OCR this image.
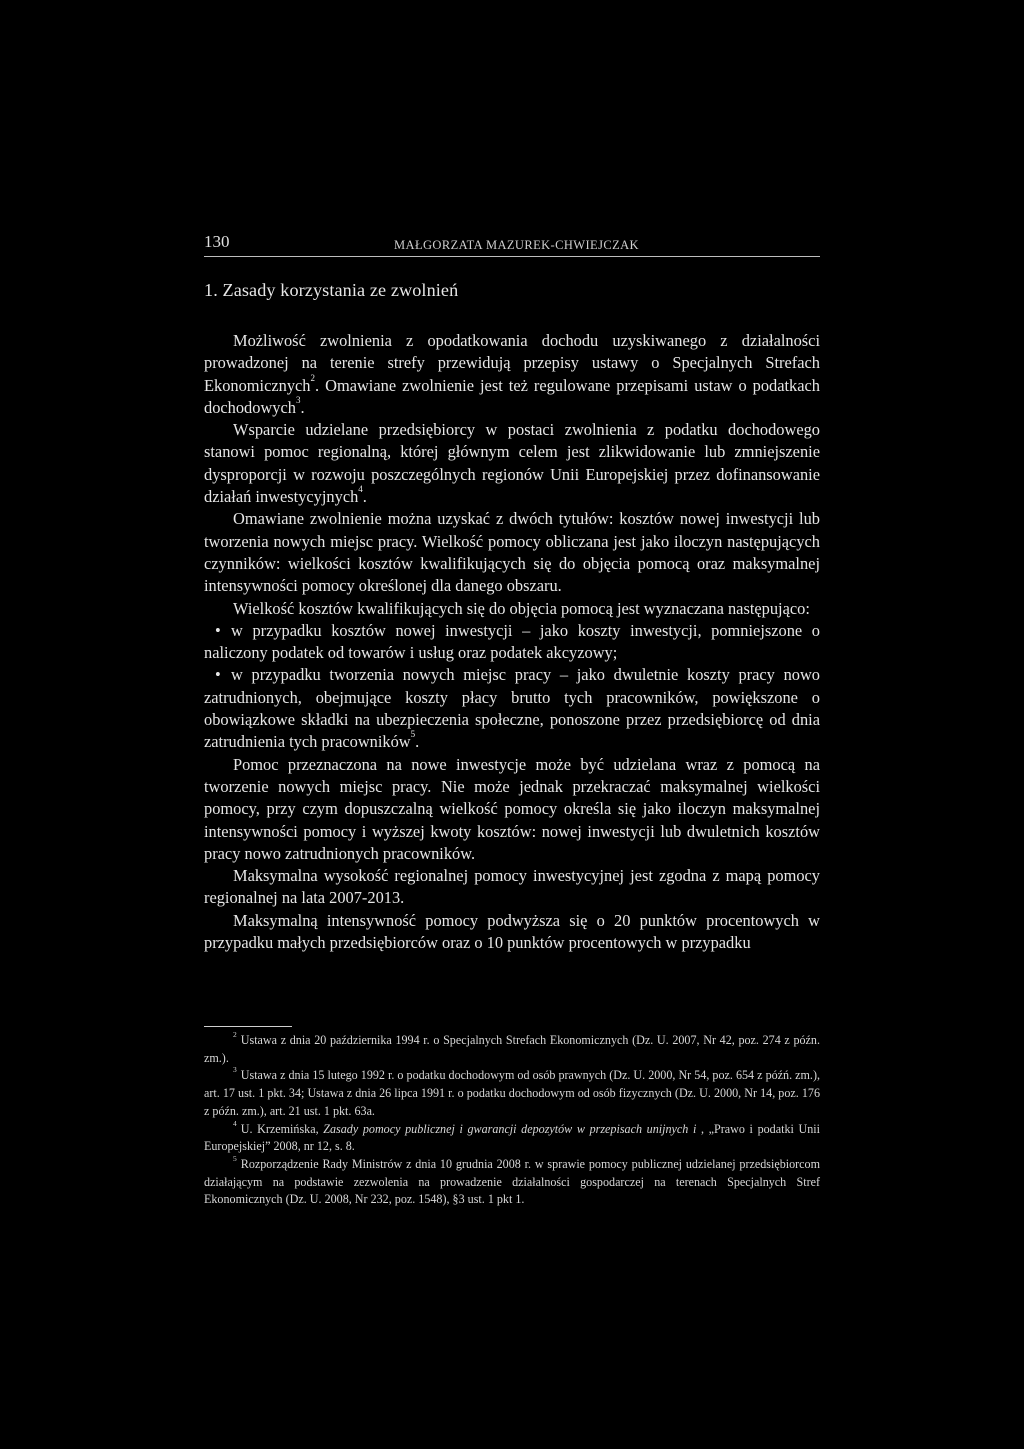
130	MAŁGORZATA MAZUREK-CHWIEJCZAK
1. Zasady korzystania ze zwolnień

Możliwość zwolnienia z opodatkowania dochodu uzyskiwanego z działalności prowadzonej na terenie strefy przewidują przepisy ustawy o Specjalnych Strefach Ekonomicznych$^2$. Omawiane zwolnienie jest też regulowane przepisami ustaw o podatkach dochodowych$^3$.

Wsparcie udzielane przedsiębiorcy w postaci zwolnienia z podatku dochodowego stanowi pomoc regionalną, której głównym celem jest zlikwidowanie lub zmniejszenie dysproporcji w rozwoju poszczególnych regionów Unii Europejskiej przez dofinansowanie działań inwestycyjnych$^4$.

Omawiane zwolnienie można uzyskać z dwóch tytułów: kosztów nowej inwestycji lub tworzenia nowych miejsc pracy. Wielkość pomocy obliczana jest jako iloczyn następujących czynników: wielkości kosztów kwalifikujących się do objęcia pomocą oraz maksymalnej intensywności pomocy określonej dla danego obszaru.

Wielkość kosztów kwalifikujących się do objęcia pomocą jest wyznaczana następująco:

• w przypadku kosztów nowej inwestycji – jako koszty inwestycji, pomniejszone o naliczony podatek od towarów i usług oraz podatek akcyzowy;

• w przypadku tworzenia nowych miejsc pracy – jako dwuletnie koszty pracy nowo zatrudnionych, obejmujące koszty płacy brutto tych pracowników, powiększone o obowiązkowe składki na ubezpieczenia społeczne, ponoszone przez przedsiębiorcę od dnia zatrudnienia tych pracowników$^5$.

Pomoc przeznaczona na nowe inwestycje może być udzielana wraz z pomocą na tworzenie nowych miejsc pracy. Nie może jednak przekraczać maksymalnej wielkości pomocy, przy czym dopuszczalną wielkość pomocy określa się jako iloczyn maksymalnej intensywności pomocy i wyższej kwoty kosztów: nowej inwestycji lub dwuletnich kosztów pracy nowo zatrudnionych pracowników.

Maksymalna wysokość regionalnej pomocy inwestycyjnej jest zgodna z mapą pomocy regionalnej na lata 2007-2013.

Maksymalną intensywność pomocy podwyższa się o 20 punktów procentowych w przypadku małych przedsiębiorców oraz o 10 punktów procentowych w przypadku

$^2$ Ustawa z dnia 20 października 1994 r. o Specjalnych Strefach Ekonomicznych (Dz. U. 2007, Nr 42, poz. 274 z późn. zm.).

$^3$ Ustawa z dnia 15 lutego 1992 r. o podatku dochodowym od osób prawnych (Dz. U. 2000, Nr 54, poz. 654 z późń. zm.), art. 17 ust. 1 pkt. 34; Ustawa z dnia 26 lipca 1991 r. o podatku dochodowym od osób fizycznych (Dz. U. 2000, Nr 14, poz. 176 z późn. zm.), art. 21 ust. 1 pkt. 63a.

$^4$ U. Krzemińska, Zasady pomocy publicznej i gwarancji depozytów w przepisach unijnych i , „Prawo i podatki Unii Europejskiej” 2008, nr 12, s. 8.

$^5$ Rozporządzenie Rady Ministrów z dnia 10 grudnia 2008 r. w sprawie pomocy publicznej udzielanej przedsiębiorcom działającym na podstawie zezwolenia na prowadzenie działalności gospodarczej na terenach Specjalnych Stref Ekonomicznych (Dz. U. 2008, Nr 232, poz. 1548), §3 ust. 1 pkt 1.
